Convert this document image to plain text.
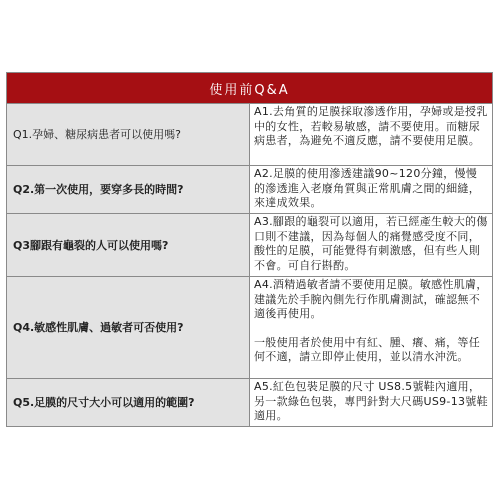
使用前Q&A	
Q1.孕婦、糖尿病患者可以使用嗎?	A1.去角質的足膜採取滲透作用，孕婦或是授乳中的女性，若較易敏感，請不要使用。而糖尿病患者，為避免不適反應，請不要使用足膜。

Q2.第一次使用，要穿多長的時間?	A2.足膜的使用滲透建議90~120分鐘，慢慢的滲透進入老廢角質與正常肌膚之間的細縫，來達成效果。

Q3腳跟有龜裂的人可以使用嗎?	A3.腳跟的龜裂可以適用，若已經產生較大的傷口則不建議，因為每個人的痛覺感受度不同，酸性的足膜，可能覺得有刺激感，但有些人則不會。可自行斟酌。

Q4.敏感性肌膚、過敏者可否使用?	A4.酒精過敏者請不要使用足膜。敏感性肌膚，建議先於手腕內側先行作肌膚測試，確認無不適後再使用。

一般使用者於使用中有紅、腫、癢、痛，等任何不適，請立即停止使用，並以清水沖洗。

Q5.足膜的尺寸大小可以適用的範圍?	A5.紅色包裝足膜的尺寸 US8.5號鞋內適用，另一款綠色包裝，專門針對大尺碼US9-13號鞋適用。
